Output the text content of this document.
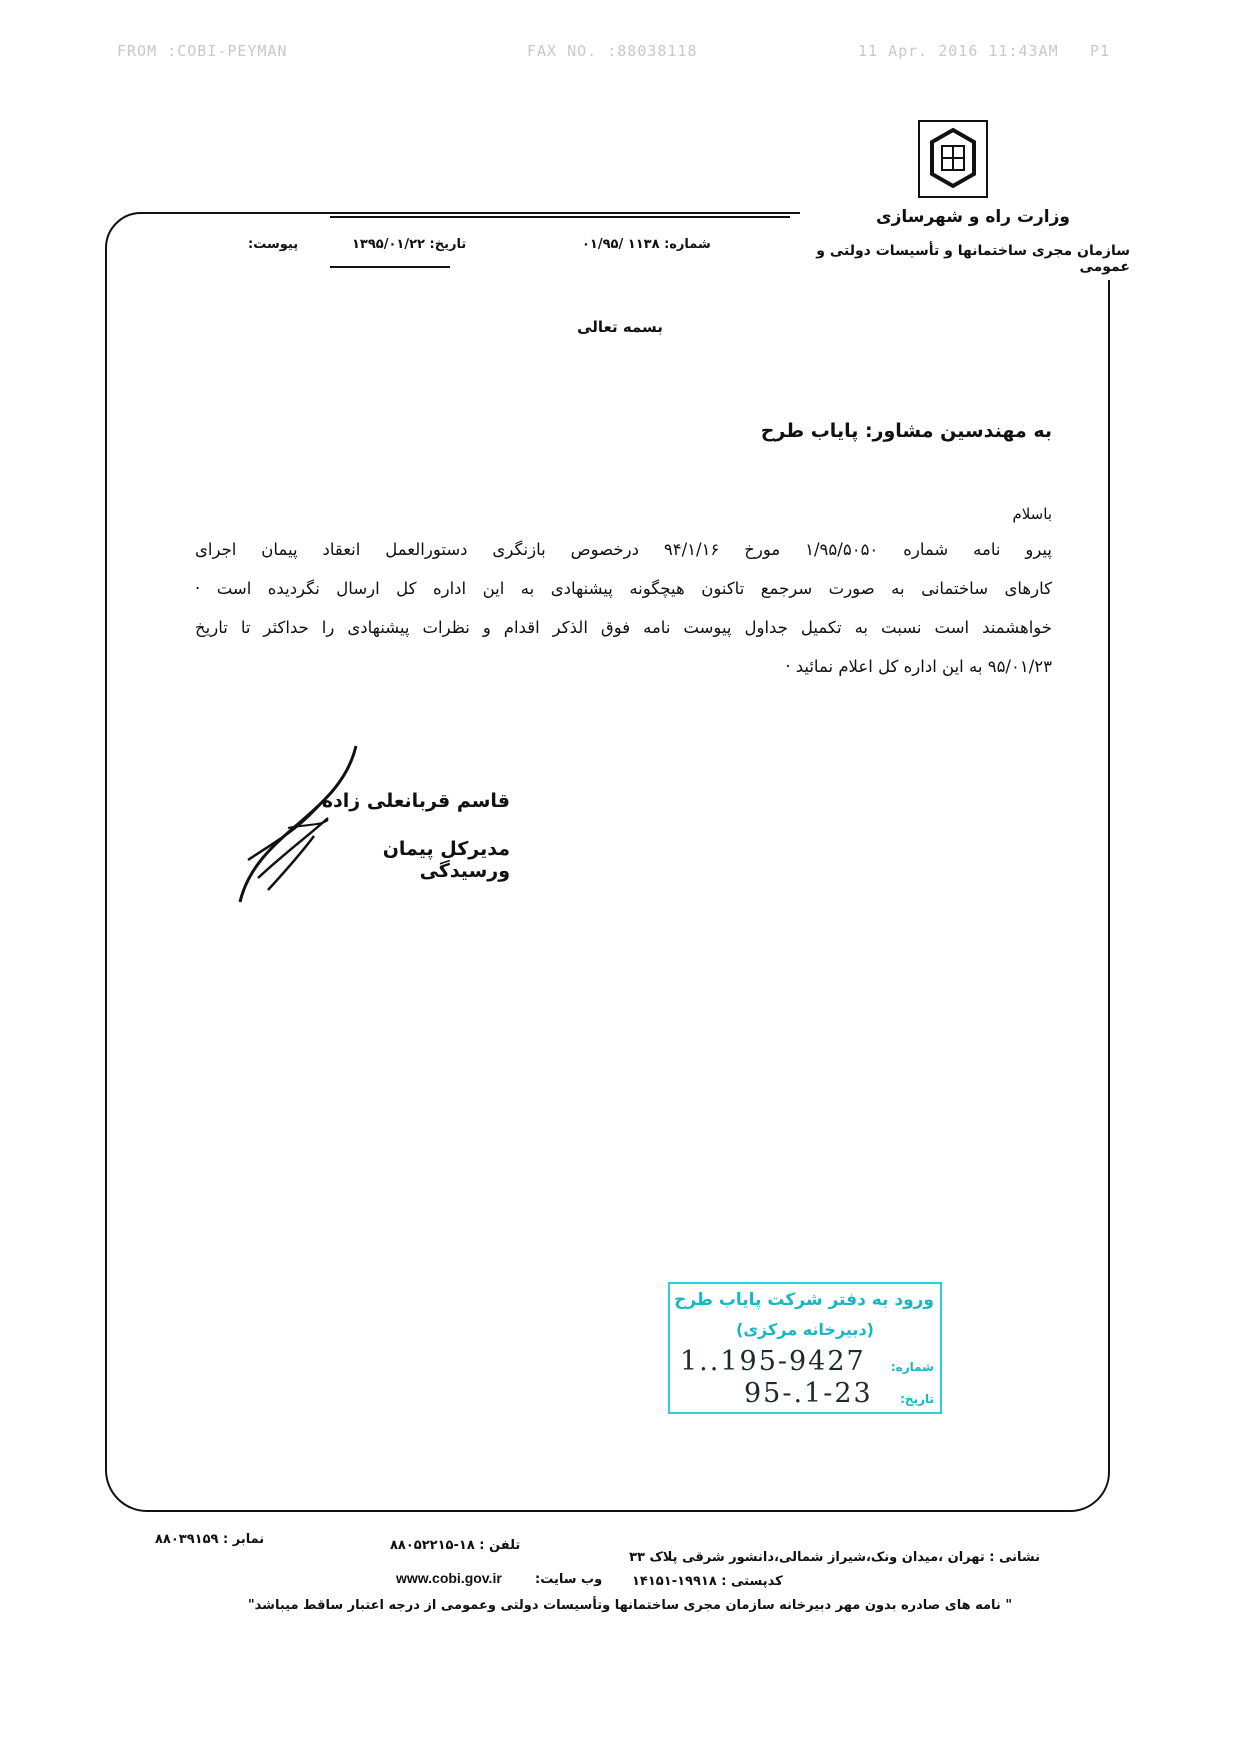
FROM :COBI-PEYMAN	FAX NO. :88038118	11 Apr. 2016 11:43AM P1
وزارت راه و شهرسازی
سازمان مجری ساختمانها و تأسیسات دولتی و عمومی
شماره: ۱۱۳۸ /۰۱/۹۵
تاریخ: ۱۳۹۵/۰۱/۲۲
پیوست:
بسمه تعالی
به مهندسین مشاور: پایاب طرح
باسلام

پیرو نامه شماره ۱/۹۵/۵۰۵۰ مورخ ۹۴/۱/۱۶ درخصوص بازنگری دستورالعمل انعقاد پیمان اجرای

کارهای ساختمانی به صورت سرجمع تاکنون هیچگونه پیشنهادی به این اداره کل ارسال نگردیده است ·

خواهشمند است نسبت به تکمیل جداول پیوست نامه فوق الذکر اقدام و نظرات پیشنهادی را حداکثر تا تاریخ

۹۵/۰۱/۲۳ به این اداره کل اعلام نمائید ·

قاسم قربانعلی زاده
مدیرکل پیمان ورسیدگی
ورود به دفتر شرکت پایاب طرح
(دبیرخانه مرکزی)
شماره:
1..195-9427
تاریخ:
95-.1-23
نمابر : ۸۸۰۳۹۱۵۹	تلفن : ۱۸-۸۸۰۵۲۲۱۵
نشانی : تهران ،میدان ونک،شیراز شمالی،دانشور شرقی پلاک ۳۳
کدپستی : ۱۹۹۱۸-۱۴۱۵۱
وب سایت:
www.cobi.gov.ir
" نامه های صادره بدون مهر دبیرخانه سازمان مجری ساختمانها وتأسیسات دولتی وعمومی از درجه اعتبار ساقط میباشد"
